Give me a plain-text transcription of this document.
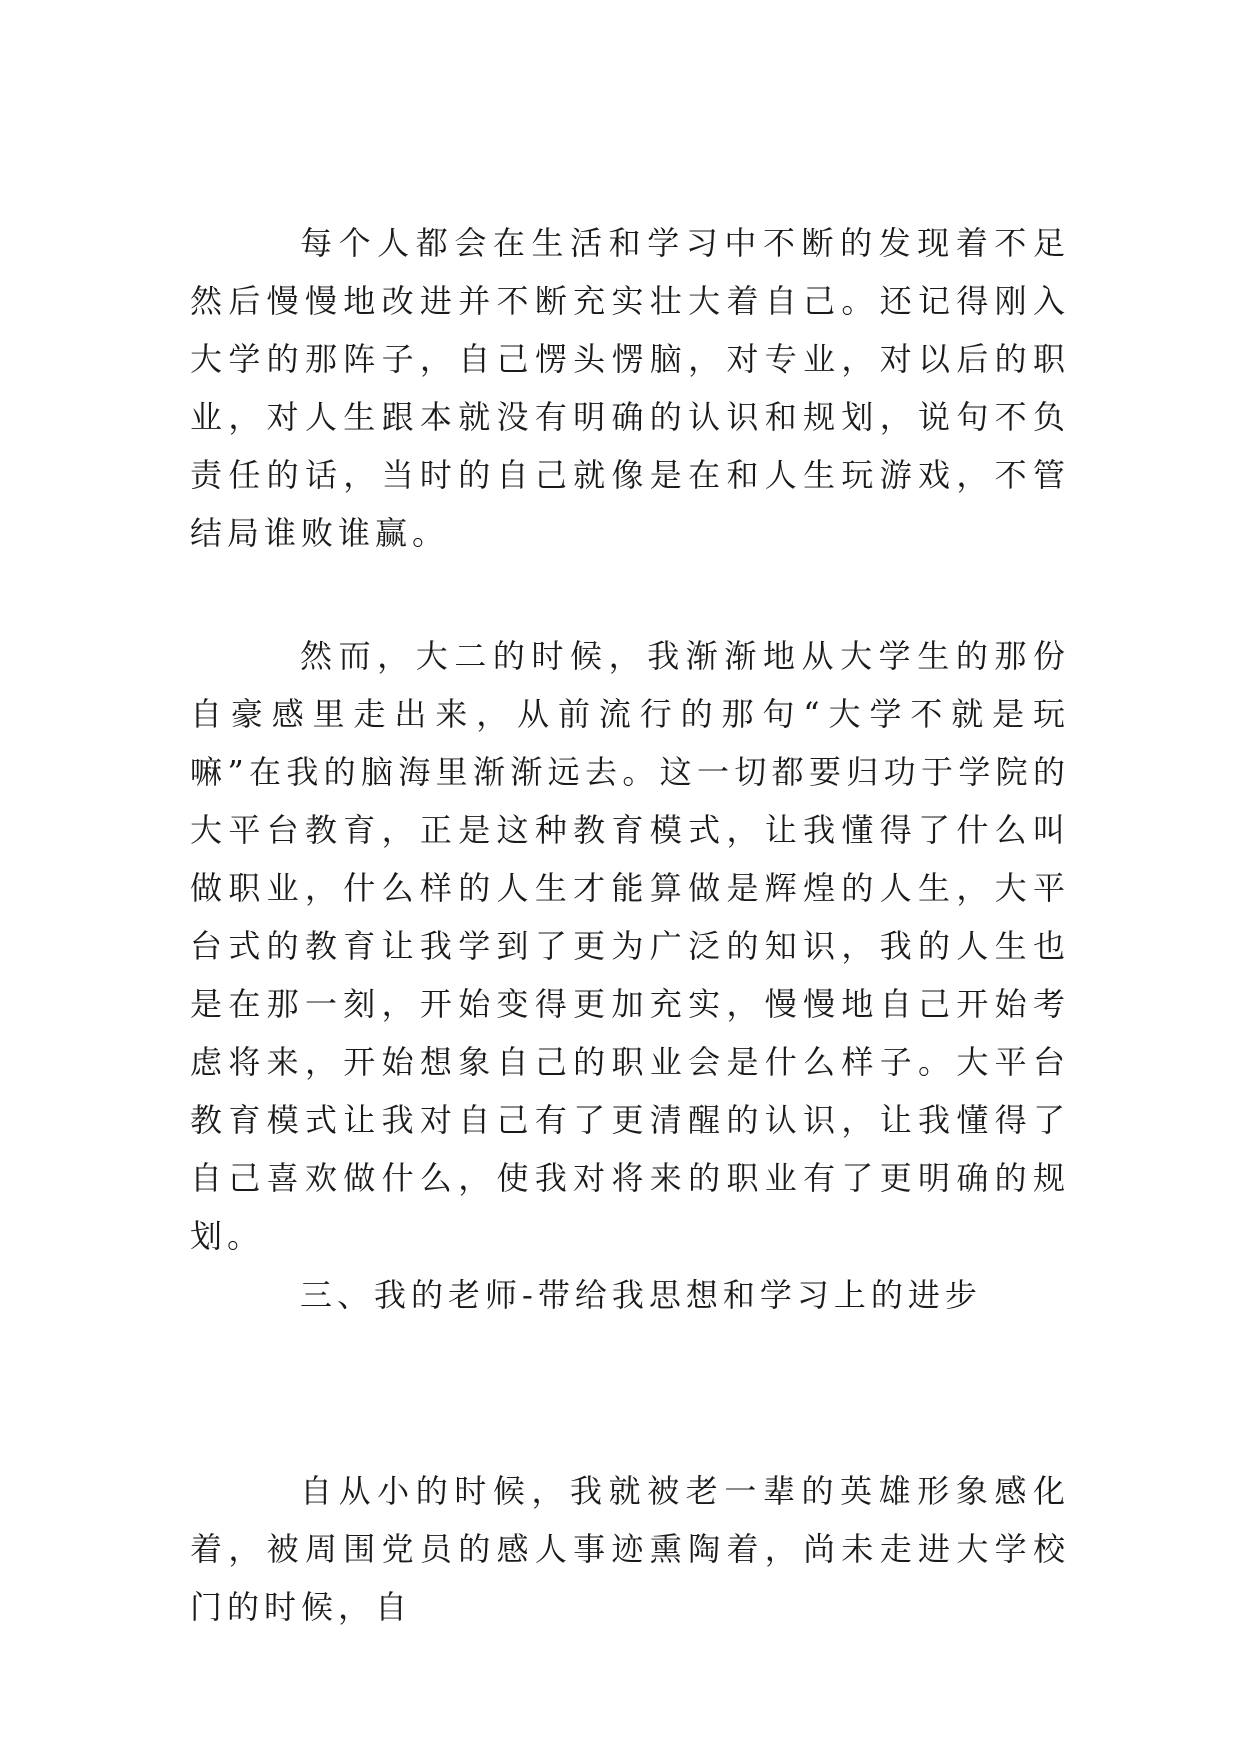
每个人都会在生活和学习中不断的发现着不足然后慢慢地改进并不断充实壮大着自己。还记得刚入大学的那阵子，自己愣头愣脑，对专业，对以后的职业，对人生跟本就没有明确的认识和规划，说句不负责任的话，当时的自己就像是在和人生玩游戏，不管结局谁败谁赢。

然而，大二的时候，我渐渐地从大学生的那份自豪感里走出来，从前流行的那句“大学不就是玩嘛”在我的脑海里渐渐远去。这一切都要归功于学院的大平台教育，正是这种教育模式，让我懂得了什么叫做职业，什么样的人生才能算做是辉煌的人生，大平台式的教育让我学到了更为广泛的知识，我的人生也是在那一刻，开始变得更加充实，慢慢地自己开始考虑将来，开始想象自己的职业会是什么样子。大平台教育模式让我对自己有了更清醒的认识，让我懂得了自己喜欢做什么，使我对将来的职业有了更明确的规划。

三、我的老师-带给我思想和学习上的进步

自从小的时候，我就被老一辈的英雄形象感化着，被周围党员的感人事迹熏陶着，尚未走进大学校门的时候，自
